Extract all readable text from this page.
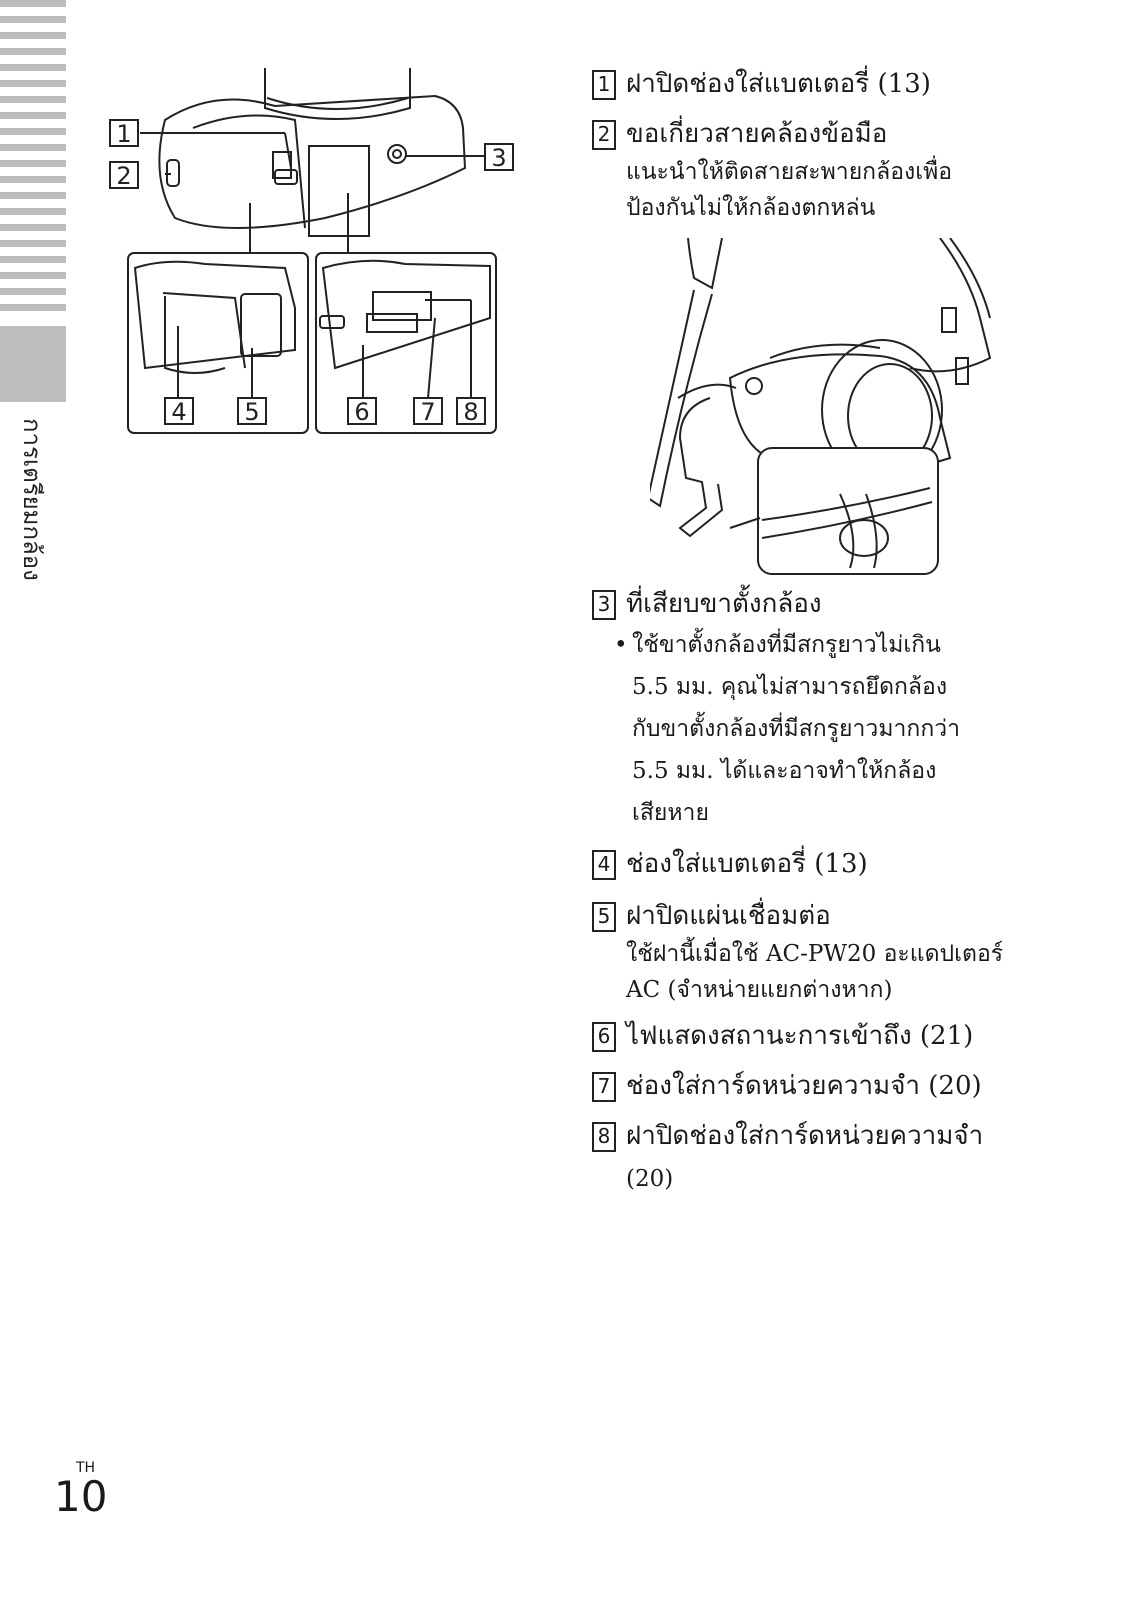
การเตรียมกล้อง
1
2
3
4 5	6 7 8
1 ฝาปิดช่องใส่แบตเตอรี่ (13)
2 ขอเกี่ยวสายคล้องข้อมือ
แนะนำให้ติดสายสะพายกล้องเพื่อ
ป้องกันไม่ให้กล้องตกหล่น
3 ที่เสียบขาตั้งกล้อง
• ใช้ขาตั้งกล้องที่มีสกรูยาวไม่เกิน
5.5 มม. คุณไม่สามารถยึดกล้อง
กับขาตั้งกล้องที่มีสกรูยาวมากกว่า
5.5 มม. ได้และอาจทำให้กล้อง
เสียหาย
4 ช่องใส่แบตเตอรี่ (13)
5 ฝาปิดแผ่นเชื่อมต่อ
ใช้ฝานี้เมื่อใช้ AC-PW20 อะแดปเตอร์
AC (จำหน่ายแยกต่างหาก)
6 ไฟแสดงสถานะการเข้าถึง (21)
7 ช่องใส่การ์ดหน่วยความจำ (20)
8 ฝาปิดช่องใส่การ์ดหน่วยความจำ
(20)
TH
10
